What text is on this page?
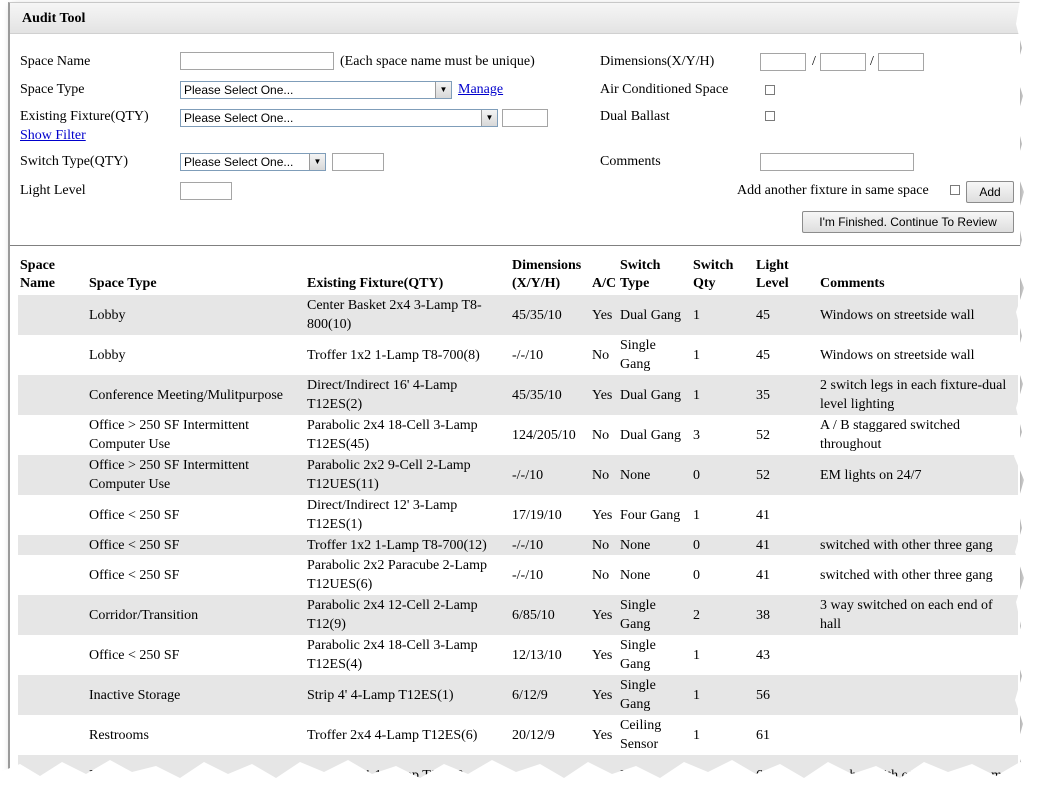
Audit Tool
Space Name	(Each space name must be unique)
Space Type	Please Select One...	▼ Manage
Existing Fixture(QTY)	Please Select One...	▼
Show Filter
Switch Type(QTY)	Please Select One...	▼
Light Level
Dimensions(X/Y/H)	/	/
Air Conditioned Space
Dual Ballast
Comments
Add another fixture in same space	Add
I'm Finished. Continue To Review
Space Name	Space Type	Existing Fixture(QTY)	Dimensions (X/Y/H)	A/C	Switch Type	Switch Qty	Light Level	Comments
	Lobby	Center Basket 2x4 3-Lamp T8-800(10)	45/35/10	Yes	Dual Gang	1	45	Windows on streetside wall
	Lobby	Troffer 1x2 1-Lamp T8-700(8)	-/-/10	No	Single Gang	1	45	Windows on streetside wall
	Conference Meeting/Mulitpurpose	Direct/Indirect 16' 4-Lamp T12ES(2)	45/35/10	Yes	Dual Gang	1	35	2 switch legs in each fixture-dual level lighting
	Office > 250 SF Intermittent Computer Use	Parabolic 2x4 18-Cell 3-Lamp T12ES(45)	124/205/10	No	Dual Gang	3	52	A / B staggared switched throughout
	Office > 250 SF Intermittent Computer Use	Parabolic 2x2 9-Cell 2-Lamp T12UES(11)	-/-/10	No	None	0	52	EM lights on 24/7
	Office < 250 SF	Direct/Indirect 12' 3-Lamp T12ES(1)	17/19/10	Yes	Four Gang	1	41	
	Office < 250 SF	Troffer 1x2 1-Lamp T8-700(12)	-/-/10	No	None	0	41	switched with other three gang
	Office < 250 SF	Parabolic 2x2 Paracube 2-Lamp T12UES(6)	-/-/10	No	None	0	41	switched with other three gang
	Corridor/Transition	Parabolic 2x4 12-Cell 2-Lamp T12(9)	6/85/10	Yes	Single Gang	2	38	3 way switched on each end of hall
	Office < 250 SF	Parabolic 2x4 18-Cell 3-Lamp T12ES(4)	12/13/10	Yes	Single Gang	1	43	
	Inactive Storage	Strip 4' 4-Lamp T12ES(1)	6/12/9	Yes	Single Gang	1	56	
	Restrooms	Troffer 2x4 4-Lamp T12ES(6)	20/12/9	Yes	Ceiling Sensor	1	61	
